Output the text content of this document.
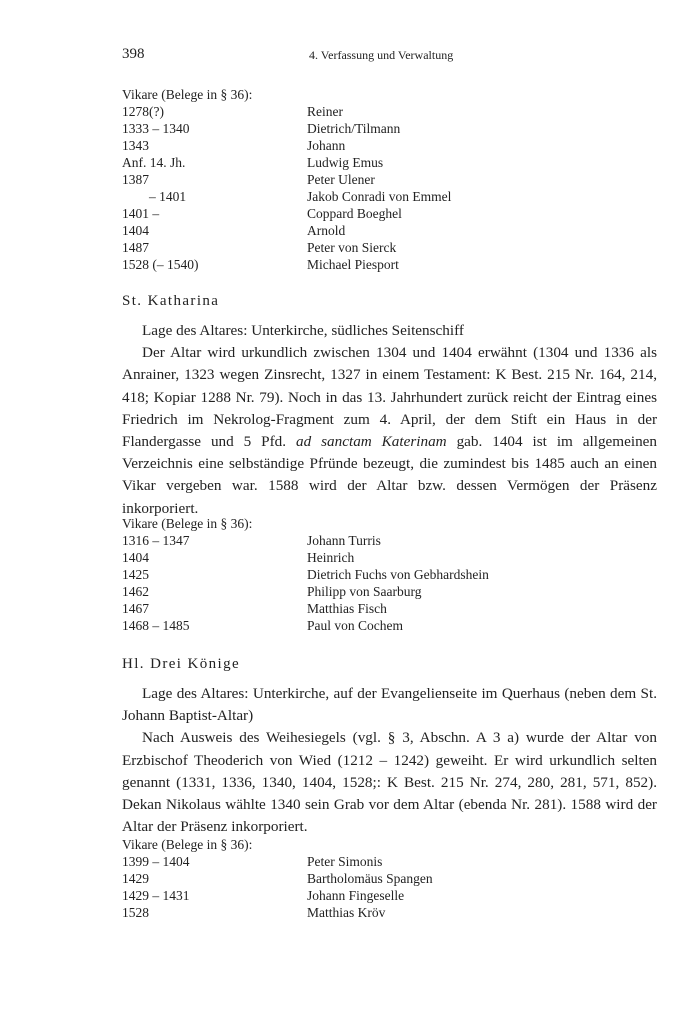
398	4. Verfassung und Verwaltung
Vikare (Belege in § 36):
1278(?)	Reiner
1333 – 1340	Dietrich/Tilmann
1343	Johann
Anf. 14. Jh.	Ludwig Emus
1387	Peter Ulener
– 1401	Jakob Conradi von Emmel
1401 –	Coppard Boeghel
1404	Arnold
1487	Peter von Sierck
1528 (– 1540)	Michael Piesport
St. Katharina

Lage des Altares: Unterkirche, südliches Seitenschiff

Der Altar wird urkundlich zwischen 1304 und 1404 erwähnt (1304 und 1336 als Anrainer, 1323 wegen Zinsrecht, 1327 in einem Testament: K Best. 215 Nr. 164, 214, 418; Kopiar 1288 Nr. 79). Noch in das 13. Jahrhundert zurück reicht der Eintrag eines Friedrich im Nekrolog-Fragment zum 4. April, der dem Stift ein Haus in der Flandergasse und 5 Pfd. ad sanctam Katerinam gab. 1404 ist im allgemeinen Verzeichnis eine selbständige Pfründe bezeugt, die zumindest bis 1485 auch an einen Vikar vergeben war. 1588 wird der Altar bzw. dessen Vermögen der Präsenz inkorporiert.

Vikare (Belege in § 36):
1316 – 1347	Johann Turris
1404	Heinrich
1425	Dietrich Fuchs von Gebhardshein
1462	Philipp von Saarburg
1467	Matthias Fisch
1468 – 1485	Paul von Cochem
Hl. Drei Könige

Lage des Altares: Unterkirche, auf der Evangelienseite im Querhaus (neben dem St. Johann Baptist-Altar)

Nach Ausweis des Weihesiegels (vgl. § 3, Abschn. A 3 a) wurde der Altar von Erzbischof Theoderich von Wied (1212 – 1242) geweiht. Er wird urkundlich selten genannt (1331, 1336, 1340, 1404, 1528;: K Best. 215 Nr. 274, 280, 281, 571, 852). Dekan Nikolaus wählte 1340 sein Grab vor dem Altar (ebenda Nr. 281). 1588 wird der Altar der Präsenz inkorporiert.

Vikare (Belege in § 36):
1399 – 1404	Peter Simonis
1429	Bartholomäus Spangen
1429 – 1431	Johann Fingeselle
1528	Matthias Kröv
